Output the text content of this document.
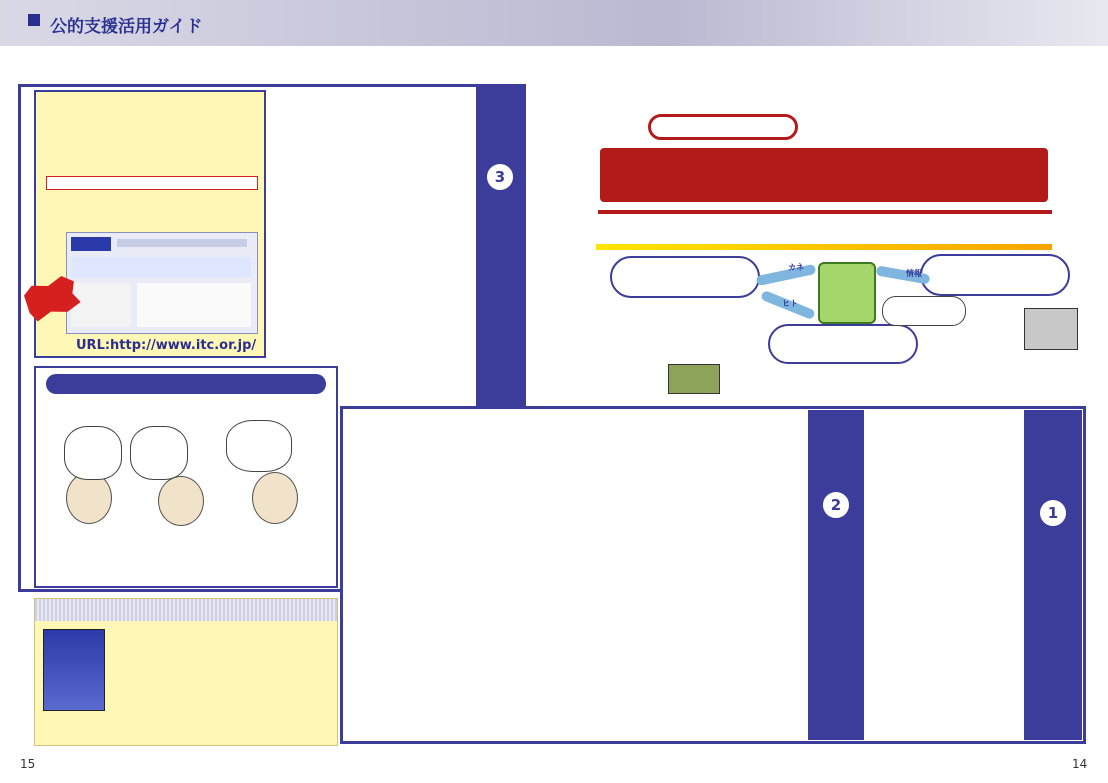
公的支援活用ガイド
URL:http://www.itc.or.jp/
3
カネ
ヒト
情報
1
2
15	14
